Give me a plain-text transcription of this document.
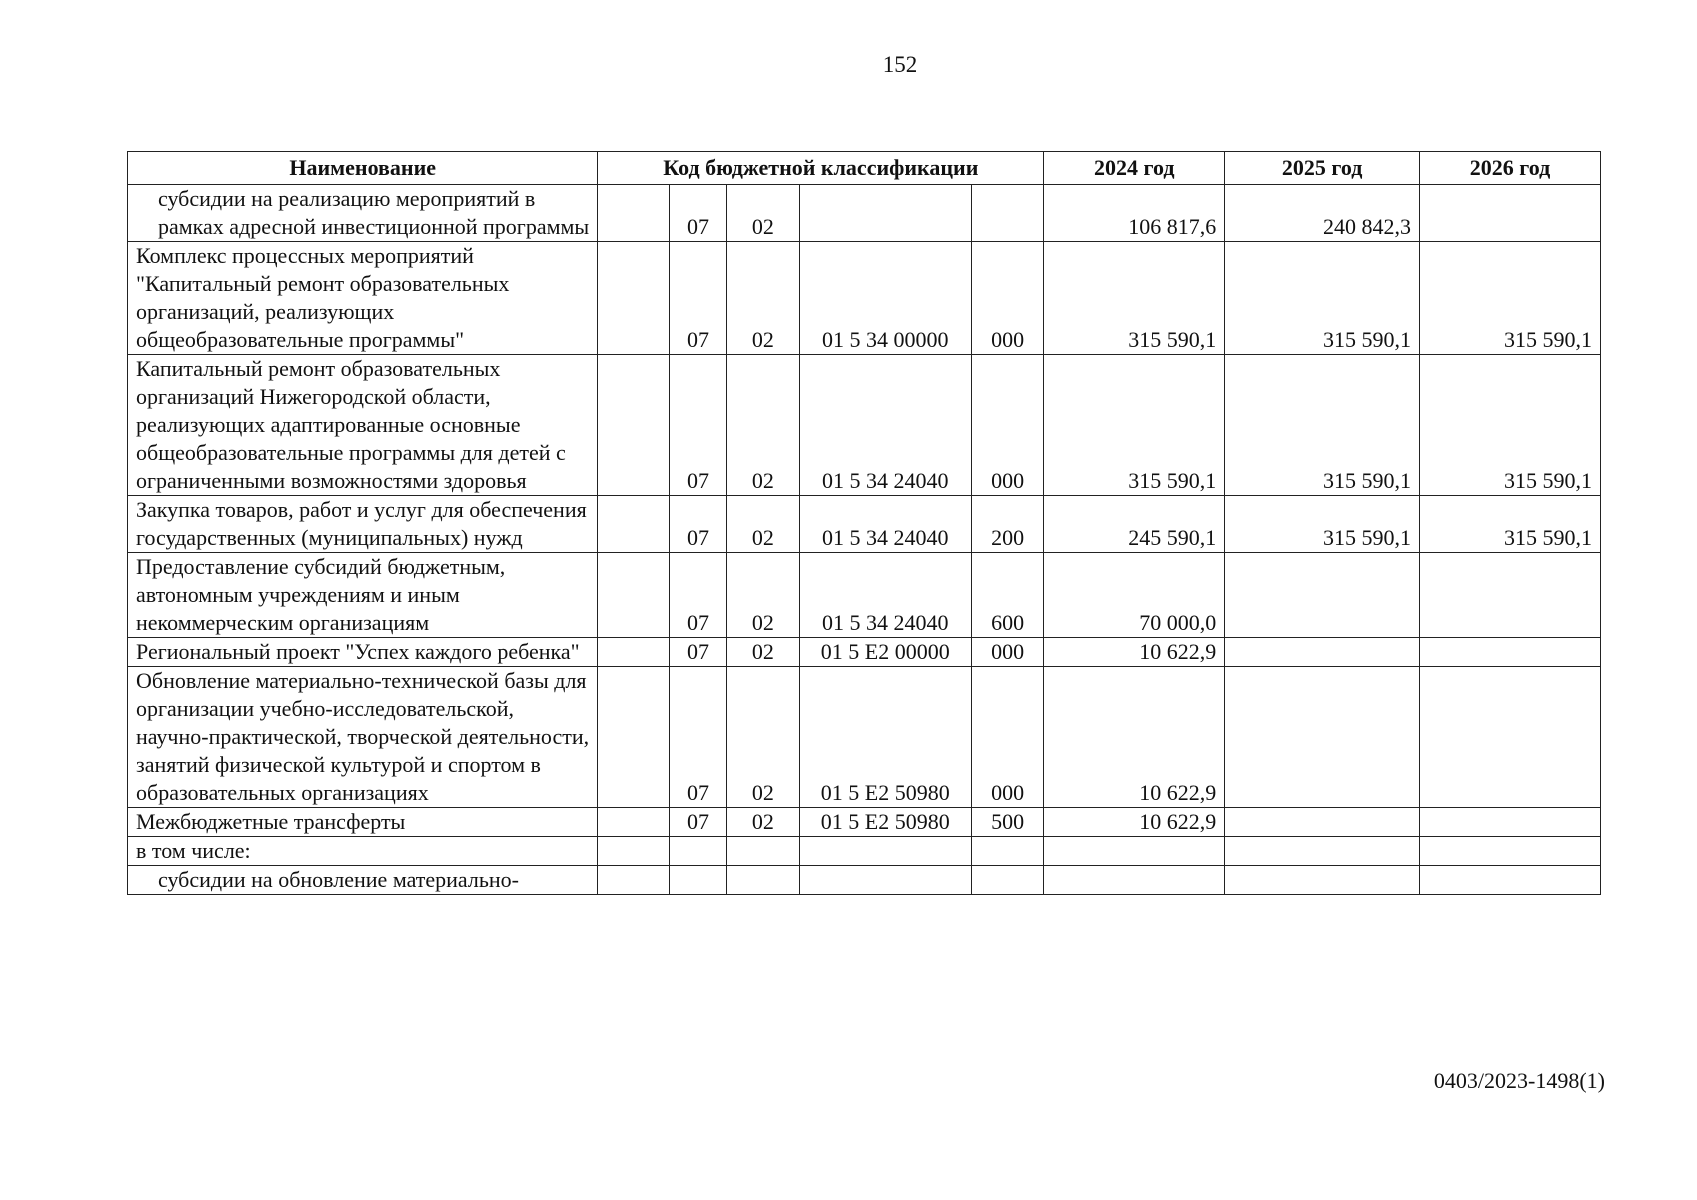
152
Наименование	Код бюджетной классификации					2024 год	2025 год	2026 год
субсидии на реализацию мероприятий в рамках адресной инвестиционной программы		07	02			106 817,6	240 842,3	
Комплекс процессных мероприятий "Капитальный ремонт образовательных организаций, реализующих общеобразовательные программы"		07	02	01 5 34 00000	000	315 590,1	315 590,1	315 590,1
Капитальный ремонт образовательных организаций Нижегородской области, реализующих адаптированные основные общеобразовательные программы для детей с ограниченными возможностями здоровья		07	02	01 5 34 24040	000	315 590,1	315 590,1	315 590,1
Закупка товаров, работ и услуг для обеспечения государственных (муниципальных) нужд		07	02	01 5 34 24040	200	245 590,1	315 590,1	315 590,1
Предоставление субсидий бюджетным, автономным учреждениям и иным некоммерческим организациям		07	02	01 5 34 24040	600	70 000,0		
Региональный проект "Успех каждого ребенка"		07	02	01 5 E2 00000	000	10 622,9		
Обновление материально-технической базы для организации учебно-исследовательской, научно-практической, творческой деятельности, занятий физической культурой и спортом в образовательных организациях		07	02	01 5 E2 50980	000	10 622,9		
Межбюджетные трансферты		07	02	01 5 E2 50980	500	10 622,9		
в том числе:								
субсидии на обновление материально-								
0403/2023-1498(1)
